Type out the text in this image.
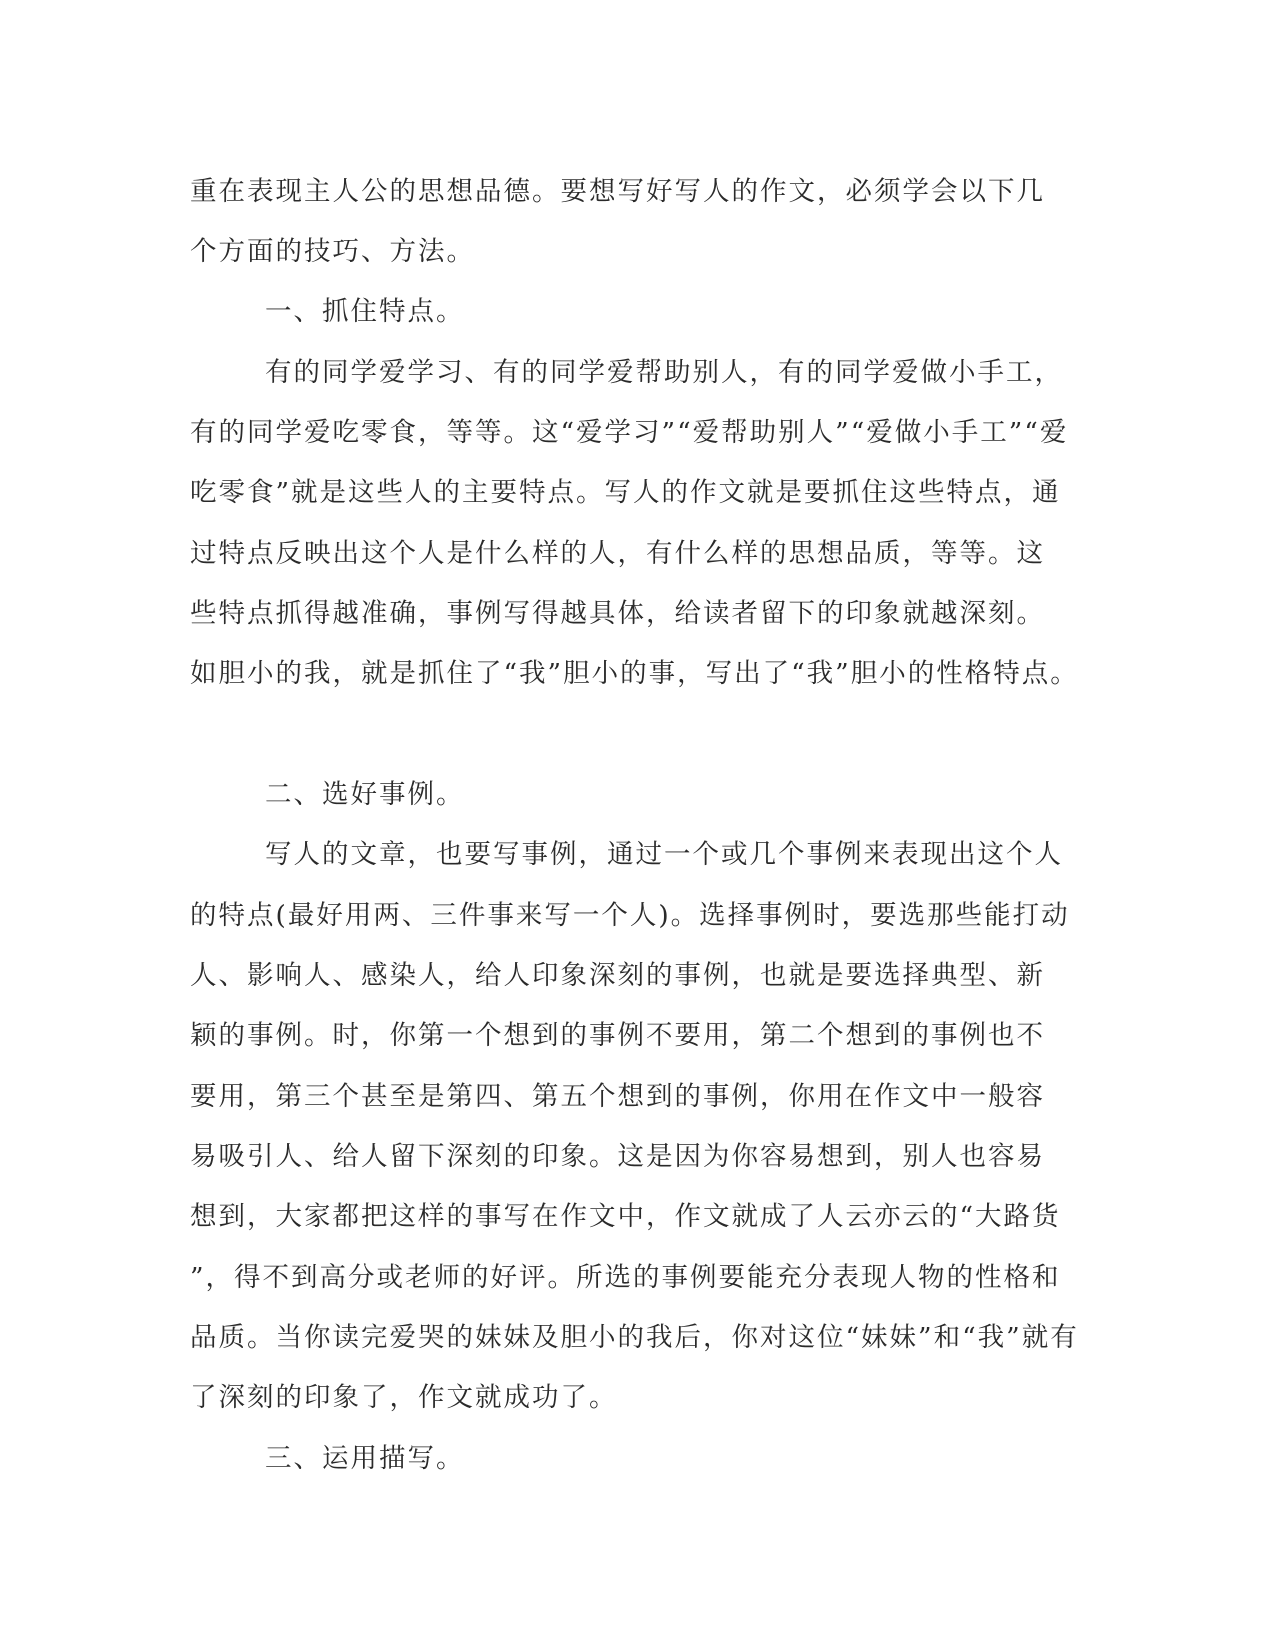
重在表现主人公的思想品德。要想写好写人的作文，必须学会以下几
个方面的技巧、方法。
一、抓住特点。
有的同学爱学习、有的同学爱帮助别人，有的同学爱做小手工，
有的同学爱吃零食，等等。这“爱学习”“爱帮助别人”“爱做小手工”“爱
吃零食”就是这些人的主要特点。写人的作文就是要抓住这些特点，通
过特点反映出这个人是什么样的人，有什么样的思想品质，等等。这
些特点抓得越准确，事例写得越具体，给读者留下的印象就越深刻。
如胆小的我，就是抓住了“我”胆小的事，写出了“我”胆小的性格特点。
二、选好事例。
写人的文章，也要写事例，通过一个或几个事例来表现出这个人
的特点(最好用两、三件事来写一个人)。选择事例时，要选那些能打动
人、影响人、感染人，给人印象深刻的事例，也就是要选择典型、新
颖的事例。时，你第一个想到的事例不要用，第二个想到的事例也不
要用，第三个甚至是第四、第五个想到的事例，你用在作文中一般容
易吸引人、给人留下深刻的印象。这是因为你容易想到，别人也容易
想到，大家都把这样的事写在作文中，作文就成了人云亦云的“大路货
”，得不到高分或老师的好评。所选的事例要能充分表现人物的性格和
品质。当你读完爱哭的妹妹及胆小的我后，你对这位“妹妹”和“我”就有
了深刻的印象了，作文就成功了。
三、运用描写。
